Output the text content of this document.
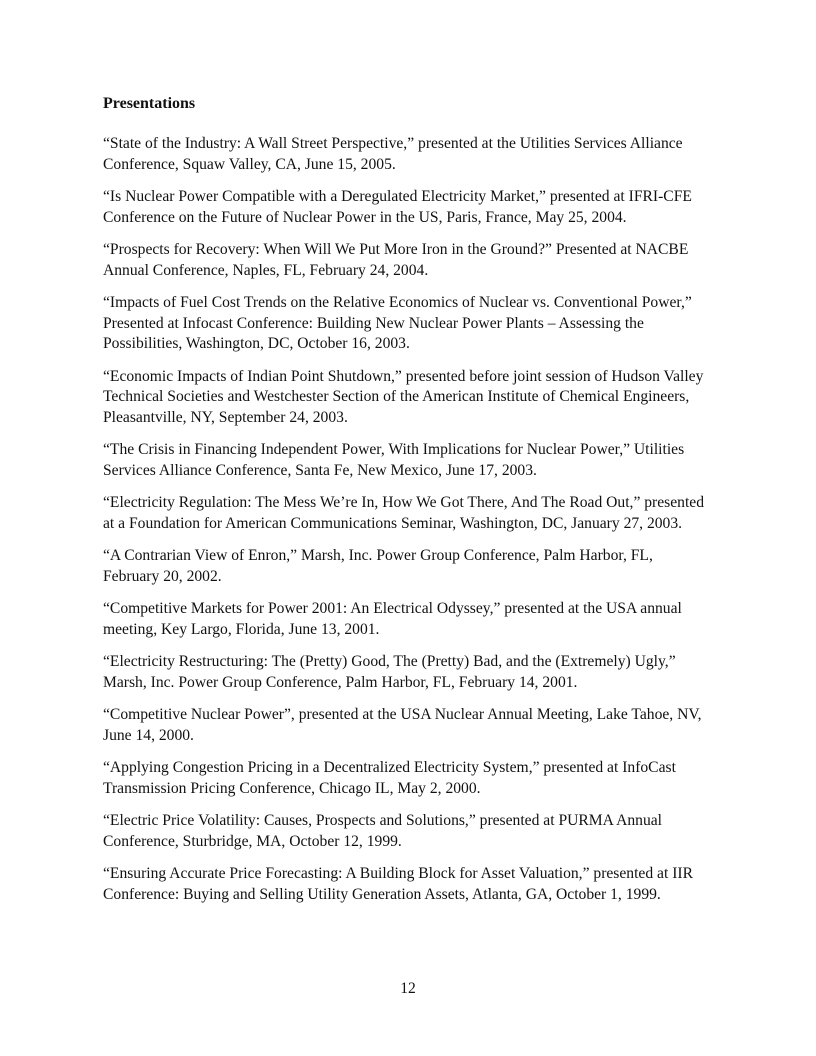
Presentations

“State of the Industry: A Wall Street Perspective,” presented at the Utilities Services Alliance
Conference, Squaw Valley, CA, June 15, 2005.

“Is Nuclear Power Compatible with a Deregulated Electricity Market,” presented at IFRI-CFE
Conference on the Future of Nuclear Power in the US, Paris, France, May 25, 2004.

“Prospects for Recovery: When Will We Put More Iron in the Ground?” Presented at NACBE
Annual Conference, Naples, FL, February 24, 2004.

“Impacts of Fuel Cost Trends on the Relative Economics of Nuclear vs. Conventional Power,”
Presented at Infocast Conference: Building New Nuclear Power Plants – Assessing the
Possibilities, Washington, DC, October 16, 2003.

“Economic Impacts of Indian Point Shutdown,” presented before joint session of Hudson Valley
Technical Societies and Westchester Section of the American Institute of Chemical Engineers,
Pleasantville, NY, September 24, 2003.

“The Crisis in Financing Independent Power, With Implications for Nuclear Power,” Utilities
Services Alliance Conference, Santa Fe, New Mexico, June 17, 2003.

“Electricity Regulation: The Mess We’re In, How We Got There, And The Road Out,” presented
at a Foundation for American Communications Seminar, Washington, DC, January 27, 2003.

“A Contrarian View of Enron,” Marsh, Inc. Power Group Conference, Palm Harbor, FL,
February 20, 2002.

“Competitive Markets for Power 2001: An Electrical Odyssey,” presented at the USA annual
meeting, Key Largo, Florida, June 13, 2001.

“Electricity Restructuring: The (Pretty) Good, The (Pretty) Bad, and the (Extremely) Ugly,”
Marsh, Inc. Power Group Conference, Palm Harbor, FL, February 14, 2001.

“Competitive Nuclear Power”, presented at the USA Nuclear Annual Meeting, Lake Tahoe, NV,
June 14, 2000.

“Applying Congestion Pricing in a Decentralized Electricity System,” presented at InfoCast
Transmission Pricing Conference, Chicago IL, May 2, 2000.

“Electric Price Volatility: Causes, Prospects and Solutions,” presented at PURMA Annual
Conference, Sturbridge, MA, October 12, 1999.

“Ensuring Accurate Price Forecasting: A Building Block for Asset Valuation,” presented at IIR
Conference: Buying and Selling Utility Generation Assets, Atlanta, GA, October 1, 1999.

12
